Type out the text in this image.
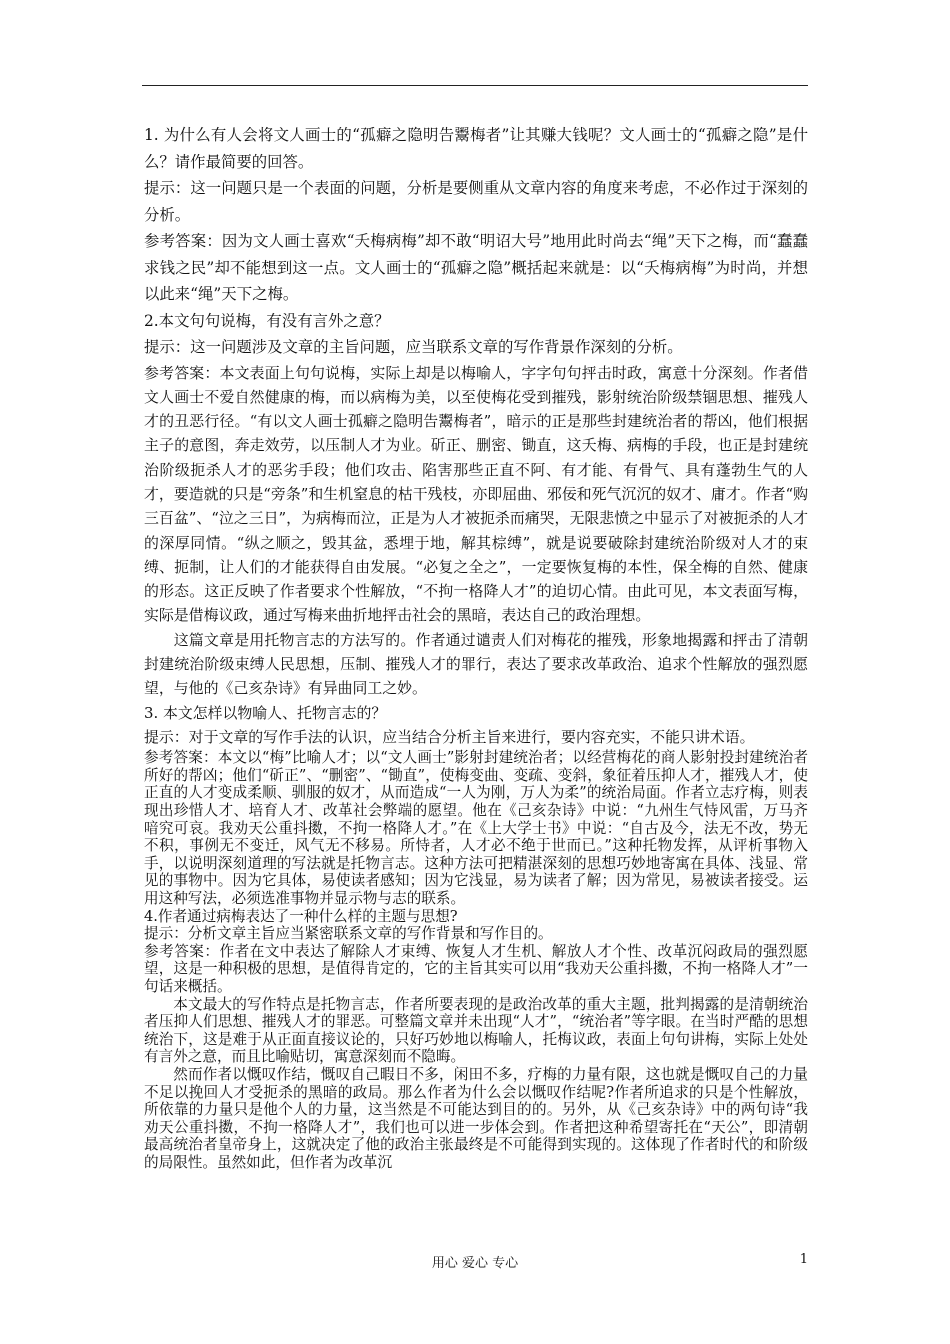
1. 为什么有人会将文人画士的“孤癖之隐明告鬻梅者”让其赚大钱呢？文人画士的“孤癖之隐”是什么？请作最简要的回答。

提示：这一问题只是一个表面的问题，分析是要侧重从文章内容的角度来考虑，不必作过于深刻的分析。

参考答案：因为文人画士喜欢“夭梅病梅”却不敢“明诏大号”地用此时尚去“绳”天下之梅，而“蠢蠢求钱之民”却不能想到这一点。文人画士的“孤癖之隐”概括起来就是：以“夭梅病梅”为时尚，并想以此来“绳”天下之梅。

2.本文句句说梅，有没有言外之意？

提示：这一问题涉及文章的主旨问题，应当联系文章的写作背景作深刻的分析。

参考答案：本文表面上句句说梅，实际上却是以梅喻人，字字句句抨击时政，寓意十分深刻。作者借文人画士不爱自然健康的梅，而以病梅为美，以至使梅花受到摧残，影射统治阶级禁锢思想、摧残人才的丑恶行径。“有以文人画士孤癖之隐明告鬻梅者”，暗示的正是那些封建统治者的帮凶，他们根据主子的意图，奔走效劳，以压制人才为业。斫正、删密、锄直，这夭梅、病梅的手段，也正是封建统治阶级扼杀人才的恶劣手段；他们攻击、陷害那些正直不阿、有才能、有骨气、具有蓬勃生气的人才，要造就的只是“旁条”和生机窒息的枯干残枝，亦即屈曲、邪佞和死气沉沉的奴才、庸才。作者“购三百盆”、“泣之三日”，为病梅而泣，正是为人才被扼杀而痛哭，无限悲愤之中显示了对被扼杀的人才的深厚同情。“纵之顺之，毁其盆，悉埋于地，解其棕缚”，就是说要破除封建统治阶级对人才的束缚、扼制，让人们的才能获得自由发展。“必复之全之”，一定要恢复梅的本性，保全梅的自然、健康的形态。这正反映了作者要求个性解放，“不拘一格降人才”的迫切心情。由此可见，本文表面写梅，实际是借梅议政，通过写梅来曲折地抨击社会的黑暗，表达自己的政治理想。

这篇文章是用托物言志的方法写的。作者通过谴责人们对梅花的摧残，形象地揭露和抨击了清朝封建统治阶级束缚人民思想，压制、摧残人才的罪行，表达了要求改革政治、追求个性解放的强烈愿望，与他的《己亥杂诗》有异曲同工之妙。

3. 本文怎样以物喻人、托物言志的？

提示：对于文章的写作手法的认识，应当结合分析主旨来进行，要内容充实，不能只讲术语。

参考答案：本文以“梅”比喻人才；以“文人画士”影射封建统治者；以经营梅花的商人影射投封建统治者所好的帮凶；他们“斫正”、“删密”、“锄直”，使梅变曲、变疏、变斜，象征着压抑人才，摧残人才，使正直的人才变成柔顺、驯服的奴才，从而造成“一人为刚，万人为柔”的统治局面。作者立志疗梅，则表现出珍惜人才、培育人才、改革社会弊端的愿望。他在《己亥杂诗》中说：“九州生气恃风雷，万马齐喑究可哀。我劝天公重抖擞，不拘一格降人才。”在《上大学士书》中说：“自古及今，法无不改，势无不积，事例无不变迁，风气无不移易。所恃者，人才必不绝于世而已。”这种托物发挥，从评析事物入手，以说明深刻道理的写法就是托物言志。这种方法可把精湛深刻的思想巧妙地寄寓在具体、浅显、常见的事物中。因为它具体，易使读者感知；因为它浅显，易为读者了解；因为常见，易被读者接受。运用这种写法，必须选准事物并显示物与志的联系。

4.作者通过病梅表达了一种什么样的主题与思想?

提示：分析文章主旨应当紧密联系文章的写作背景和写作目的。

参考答案：作者在文中表达了解除人才束缚、恢复人才生机、解放人才个性、改革沉闷政局的强烈愿望，这是一种积极的思想，是值得肯定的，它的主旨其实可以用“我劝天公重抖擞，不拘一格降人才”一句话来概括。

本文最大的写作特点是托物言志，作者所要表现的是政治改革的重大主题，批判揭露的是清朝统治者压抑人们思想、摧残人才的罪恶。可整篇文章并未出现“人才”，“统治者”等字眼。在当时严酷的思想统治下，这是难于从正面直接议论的，只好巧妙地以梅喻人，托梅议政，表面上句句讲梅，实际上处处有言外之意，而且比喻贴切，寓意深刻而不隐晦。

然而作者以慨叹作结，慨叹自己暇日不多，闲田不多，疗梅的力量有限，这也就是慨叹自己的力量不足以挽回人才受扼杀的黑暗的政局。那么作者为什么会以慨叹作结呢?作者所追求的只是个性解放，所依靠的力量只是他个人的力量，这当然是不可能达到目的的。另外，从《己亥杂诗》中的两句诗“我劝天公重抖擞，不拘一格降人才”，我们也可以进一步体会到。作者把这种希望寄托在“天公”，即清朝最高统治者皇帝身上，这就决定了他的政治主张最终是不可能得到实现的。这体现了作者时代的和阶级的局限性。虽然如此，但作者为改革沉

用心 爱心 专心	1
